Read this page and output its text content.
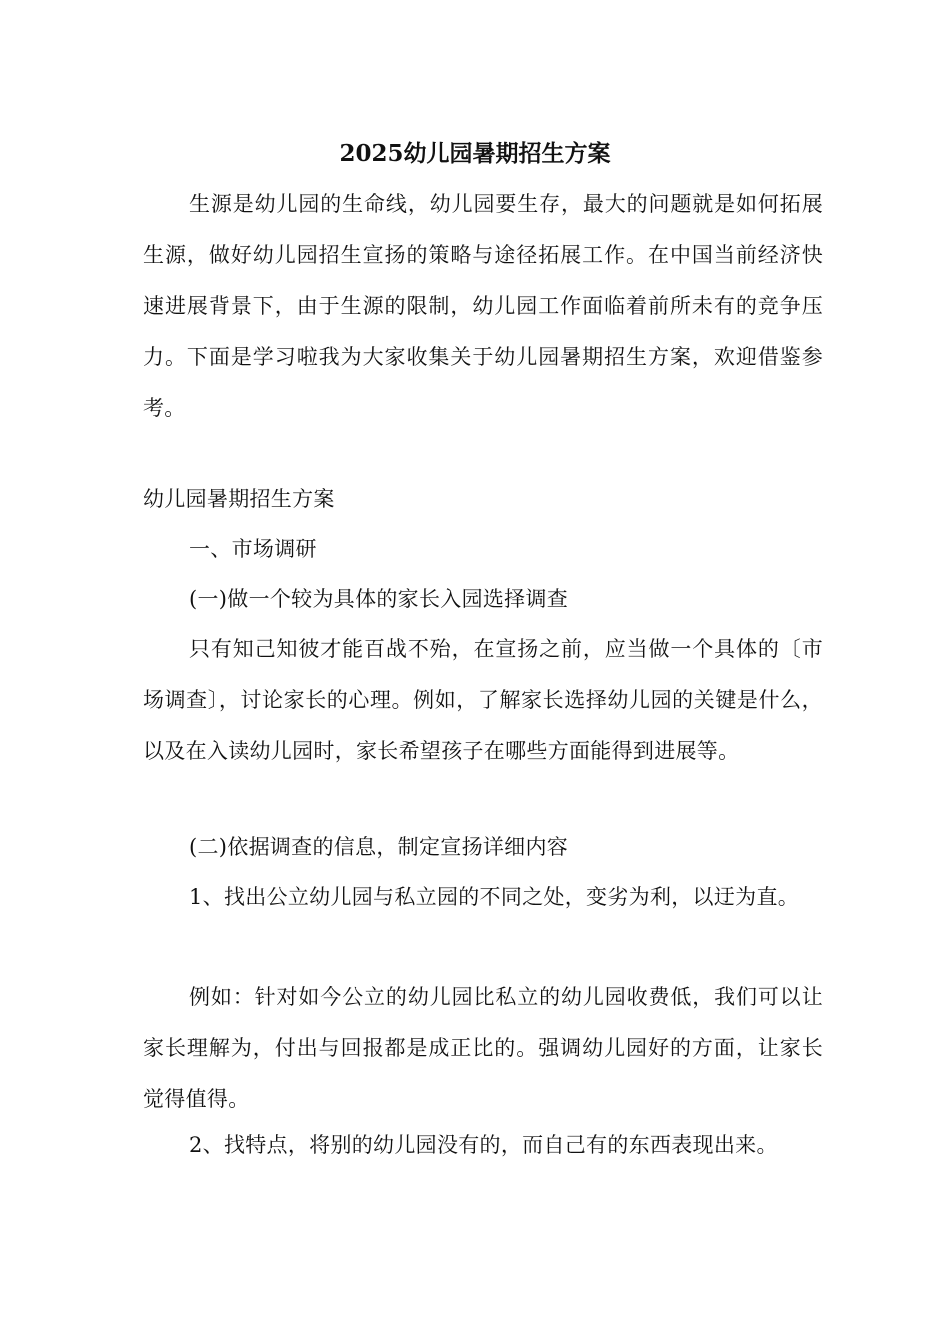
2025幼儿园暑期招生方案

生源是幼儿园的生命线，幼儿园要生存，最大的问题就是如何拓展生源，做好幼儿园招生宣扬的策略与途径拓展工作。在中国当前经济快速进展背景下，由于生源的限制，幼儿园工作面临着前所未有的竞争压力。下面是学习啦我为大家收集关于幼儿园暑期招生方案，欢迎借鉴参考。

幼儿园暑期招生方案

一、市场调研

(一)做一个较为具体的家长入园选择调查

只有知己知彼才能百战不殆，在宣扬之前，应当做一个具体的〔市场调查〕，讨论家长的心理。例如，了解家长选择幼儿园的关键是什么，以及在入读幼儿园时，家长希望孩子在哪些方面能得到进展等。

(二)依据调查的信息，制定宣扬详细内容

1、找出公立幼儿园与私立园的不同之处，变劣为利，以迂为直。

例如：针对如今公立的幼儿园比私立的幼儿园收费低，我们可以让家长理解为，付出与回报都是成正比的。强调幼儿园好的方面，让家长觉得值得。

2、找特点，将别的幼儿园没有的，而自己有的东西表现出来。
